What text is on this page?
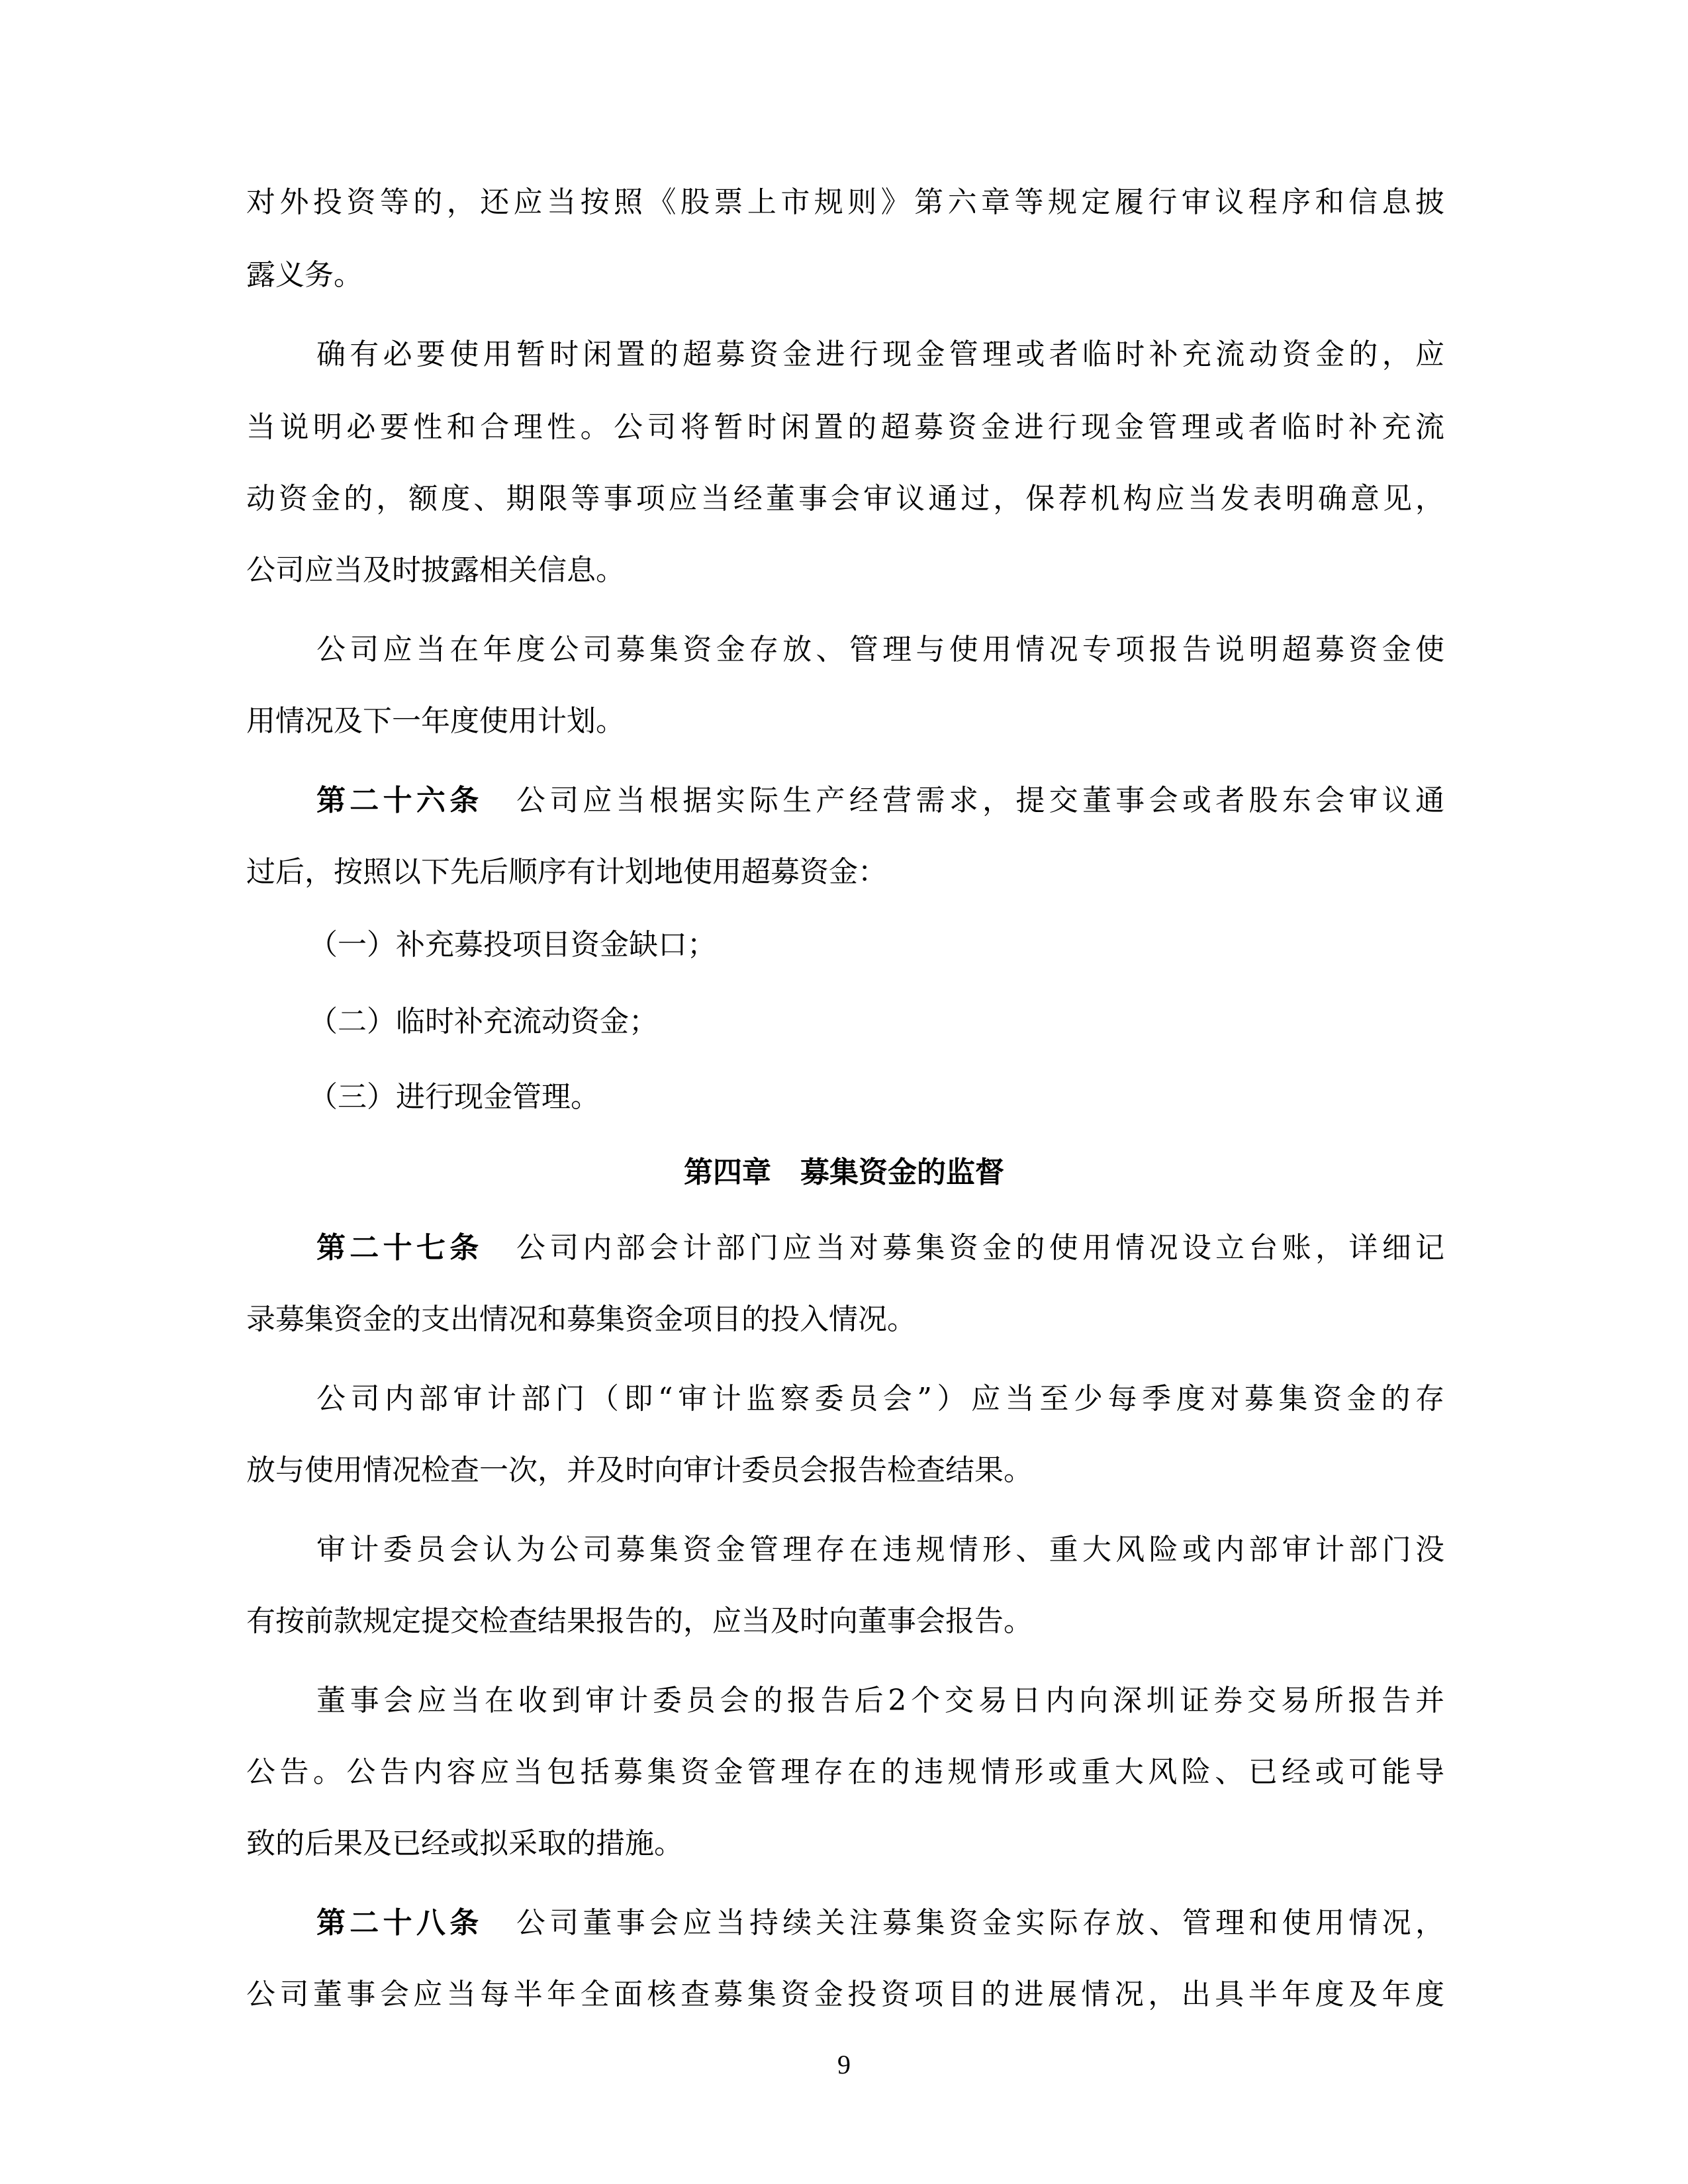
对外投资等的，还应当按照《股票上市规则》第六章等规定履行审议程序和信息披
露义务。
确有必要使用暂时闲置的超募资金进行现金管理或者临时补充流动资金的，应
当说明必要性和合理性。公司将暂时闲置的超募资金进行现金管理或者临时补充流
动资金的，额度、期限等事项应当经董事会审议通过，保荐机构应当发表明确意见，
公司应当及时披露相关信息。
公司应当在年度公司募集资金存放、管理与使用情况专项报告说明超募资金使
用情况及下一年度使用计划。
第二十六条 公司应当根据实际生产经营需求，提交董事会或者股东会审议通
过后，按照以下先后顺序有计划地使用超募资金：
（一）补充募投项目资金缺口；
（二）临时补充流动资金；
（三）进行现金管理。
第四章　募集资金的监督
第二十七条 公司内部会计部门应当对募集资金的使用情况设立台账，详细记
录募集资金的支出情况和募集资金项目的投入情况。
公司内部审计部门（即“审计监察委员会”）应当至少每季度对募集资金的存
放与使用情况检查一次，并及时向审计委员会报告检查结果。
审计委员会认为公司募集资金管理存在违规情形、重大风险或内部审计部门没
有按前款规定提交检查结果报告的，应当及时向董事会报告。
董事会应当在收到审计委员会的报告后2个交易日内向深圳证券交易所报告并
公告。公告内容应当包括募集资金管理存在的违规情形或重大风险、已经或可能导
致的后果及已经或拟采取的措施。
第二十八条 公司董事会应当持续关注募集资金实际存放、管理和使用情况，
公司董事会应当每半年全面核查募集资金投资项目的进展情况，出具半年度及年度
9
